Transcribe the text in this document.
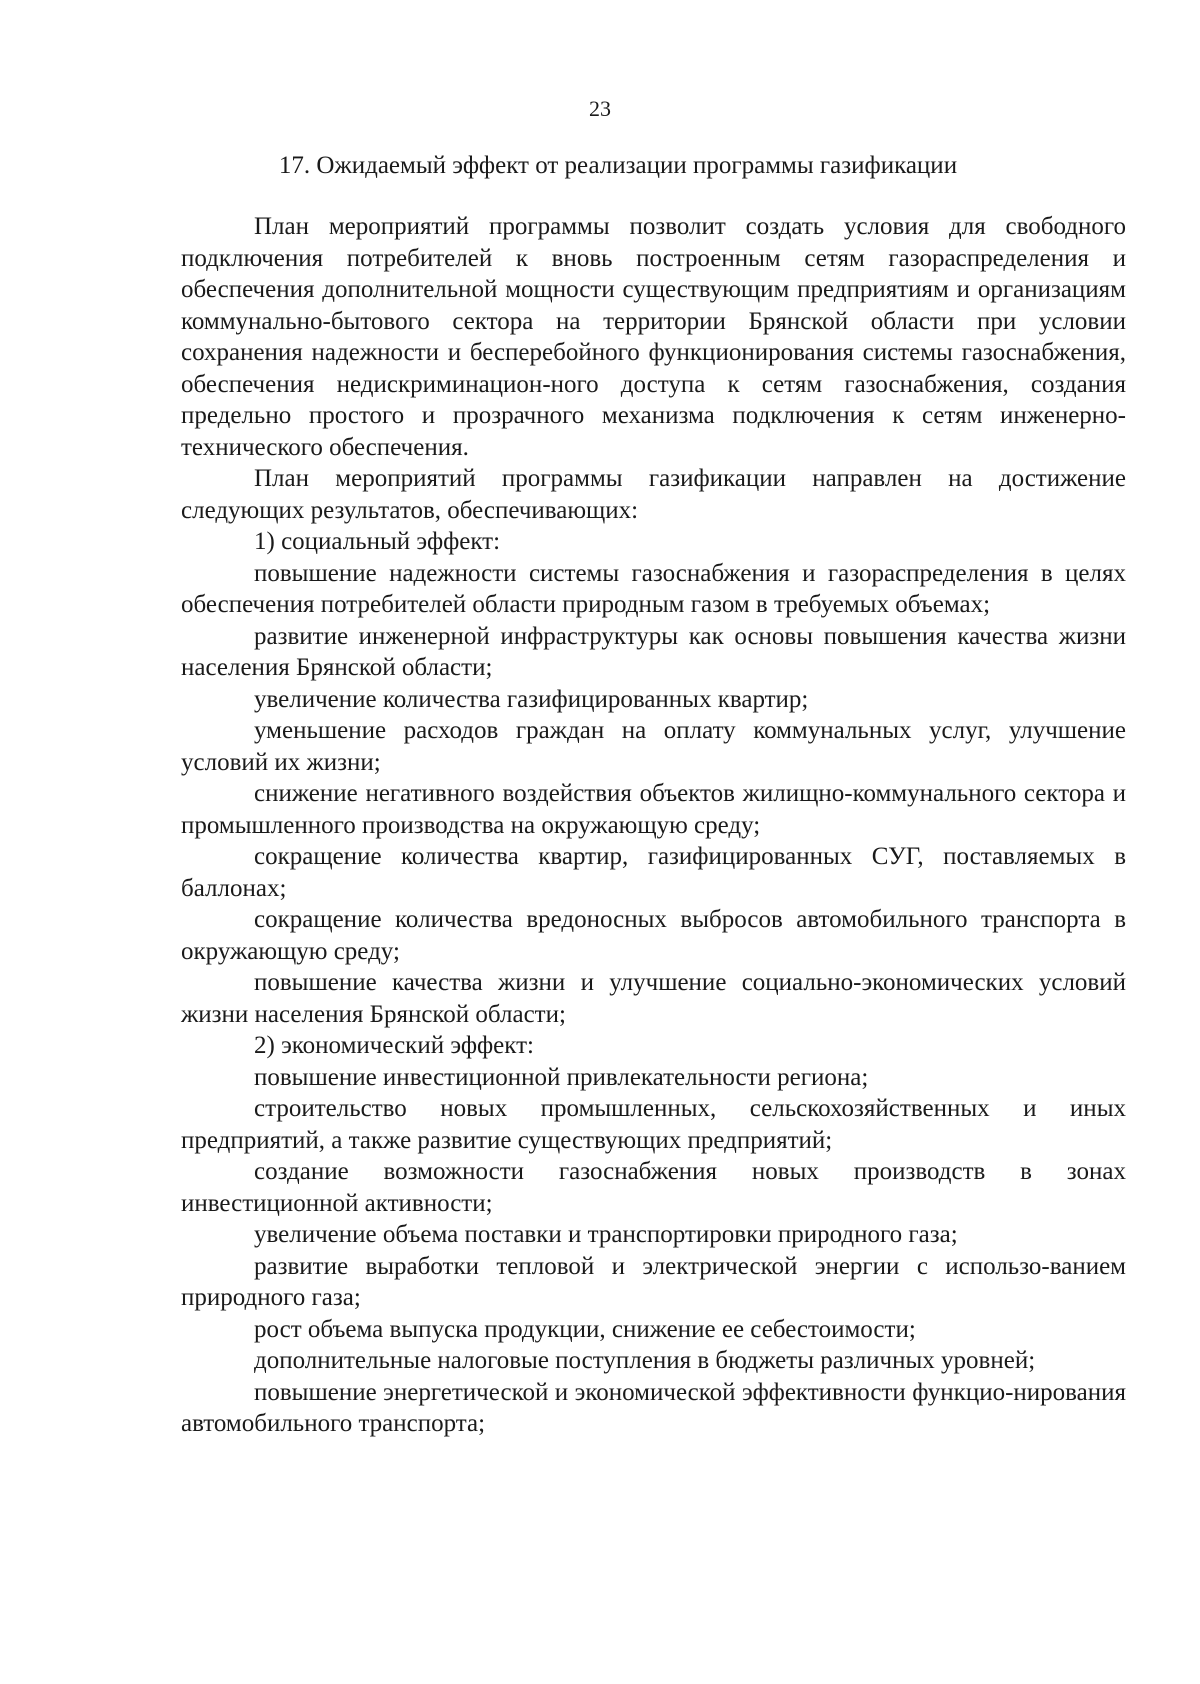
23
17. Ожидаемый эффект от реализации программы газификации

План мероприятий программы позволит создать условия для свободного подключения потребителей к вновь построенным сетям газораспределения и обеспечения дополнительной мощности существующим предприятиям и организациям коммунально-бытового сектора на территории Брянской области при условии сохранения надежности и бесперебойного функционирования системы газоснабжения, обеспечения недискриминацион-ного доступа к сетям газоснабжения, создания предельно простого и прозрачного механизма подключения к сетям инженерно-технического обеспечения.

План мероприятий программы газификации направлен на достижение следующих результатов, обеспечивающих:

1) социальный эффект:

повышение надежности системы газоснабжения и газораспределения в целях обеспечения потребителей области природным газом в требуемых объемах;

развитие инженерной инфраструктуры как основы повышения качества жизни населения Брянской области;

увеличение количества газифицированных квартир;

уменьшение расходов граждан на оплату коммунальных услуг, улучшение условий их жизни;

снижение негативного воздействия объектов жилищно-коммунального сектора и промышленного производства на окружающую среду;

сокращение количества квартир, газифицированных СУГ, поставляемых в баллонах;

сокращение количества вредоносных выбросов автомобильного транспорта в окружающую среду;

повышение качества жизни и улучшение социально-экономических условий жизни населения Брянской области;

2) экономический эффект:

повышение инвестиционной привлекательности региона;

строительство новых промышленных, сельскохозяйственных и иных предприятий, а также развитие существующих предприятий;

создание возможности газоснабжения новых производств в зонах инвестиционной активности;

увеличение объема поставки и транспортировки природного газа;

развитие выработки тепловой и электрической энергии с использо-ванием природного газа;

рост объема выпуска продукции, снижение ее себестоимости;

дополнительные налоговые поступления в бюджеты различных уровней;

повышение энергетической и экономической эффективности функцио-нирования автомобильного транспорта;
